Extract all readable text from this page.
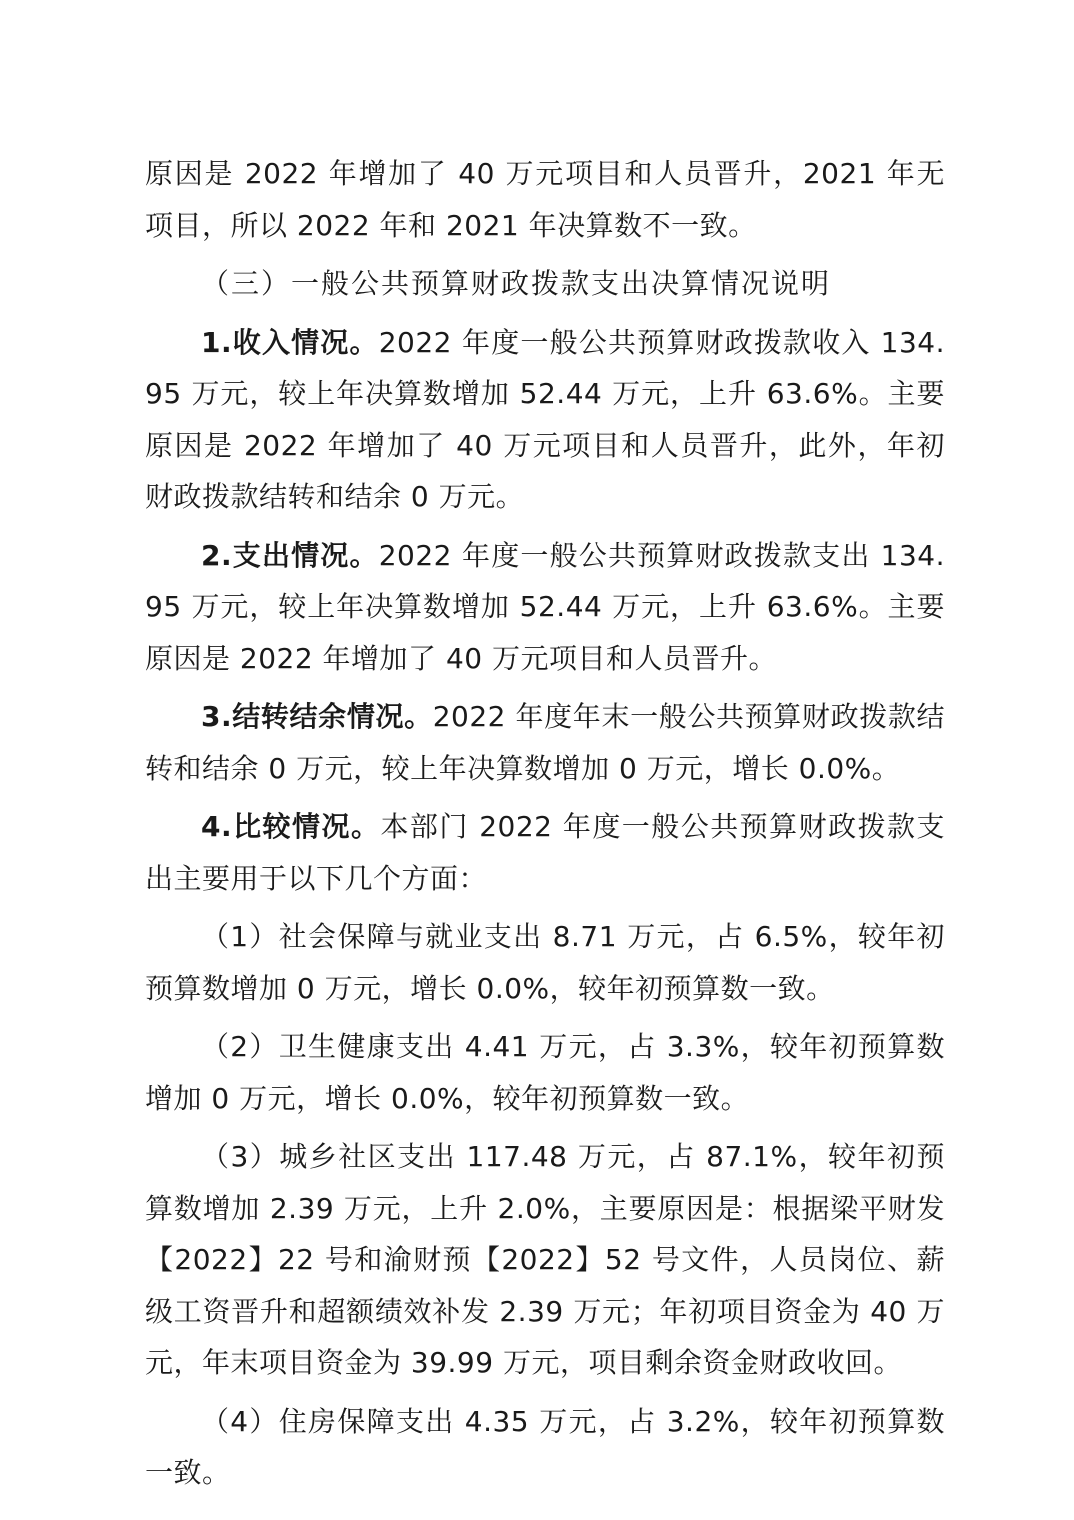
原因是 2022 年增加了 40 万元项目和人员晋升，2021 年无项目，所以 2022 年和 2021 年决算数不一致。

（三）一般公共预算财政拨款支出决算情况说明

1.收入情况。2022 年度一般公共预算财政拨款收入 134.95 万元，较上年决算数增加 52.44 万元，上升 63.6%。主要原因是 2022 年增加了 40 万元项目和人员晋升，此外，年初财政拨款结转和结余 0 万元。

2.支出情况。2022 年度一般公共预算财政拨款支出 134.95 万元，较上年决算数增加 52.44 万元，上升 63.6%。主要原因是 2022 年增加了 40 万元项目和人员晋升。

3.结转结余情况。2022 年度年末一般公共预算财政拨款结转和结余 0 万元，较上年决算数增加 0 万元，增长 0.0%。

4.比较情况。本部门 2022 年度一般公共预算财政拨款支出主要用于以下几个方面：

（1）社会保障与就业支出 8.71 万元，占 6.5%，较年初预算数增加 0 万元，增长 0.0%，较年初预算数一致。

（2）卫生健康支出 4.41 万元，占 3.3%，较年初预算数增加 0 万元，增长 0.0%，较年初预算数一致。

（3）城乡社区支出 117.48 万元，占 87.1%，较年初预算数增加 2.39 万元，上升 2.0%，主要原因是：根据梁平财发【2022】22 号和渝财预【2022】52 号文件，人员岗位、薪级工资晋升和超额绩效补发 2.39 万元；年初项目资金为 40 万元，年末项目资金为 39.99 万元，项目剩余资金财政收回。

（4）住房保障支出 4.35 万元，占 3.2%，较年初预算数一致。
